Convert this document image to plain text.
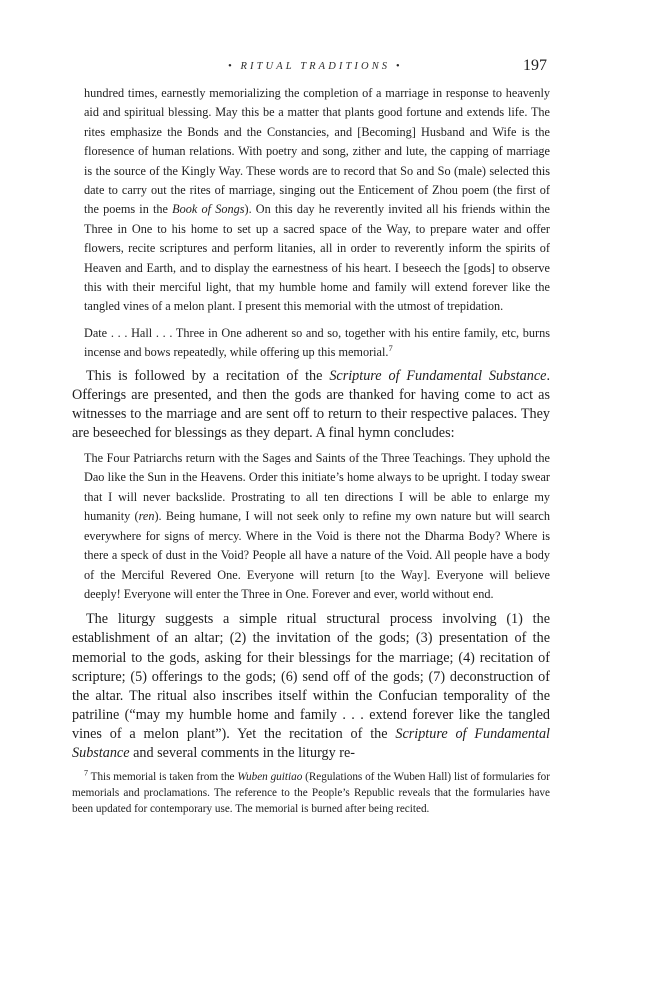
• RITUAL TRADITIONS •	197

hundred times, earnestly memorializing the completion of a marriage in response to heavenly aid and spiritual blessing. May this be a matter that plants good fortune and extends life. The rites emphasize the Bonds and the Constancies, and [Becoming] Husband and Wife is the floresence of human relations. With poetry and song, zither and lute, the capping of marriage is the source of the Kingly Way. These words are to record that So and So (male) selected this date to carry out the rites of marriage, singing out the Enticement of Zhou poem (the first of the poems in the Book of Songs). On this day he reverently invited all his friends within the Three in One to his home to set up a sacred space of the Way, to prepare water and offer flowers, recite scriptures and perform litanies, all in order to reverently inform the spirits of Heaven and Earth, and to display the earnestness of his heart. I beseech the [gods] to observe this with their merciful light, that my humble home and family will extend forever like the tangled vines of a melon plant. I present this memorial with the utmost of trepidation.

Date . . . Hall . . . Three in One adherent so and so, together with his entire family, etc, burns incense and bows repeatedly, while offering up this memorial.$^7$

This is followed by a recitation of the Scripture of Fundamental Substance. Offerings are presented, and then the gods are thanked for having come to act as witnesses to the marriage and are sent off to return to their respective palaces. They are beseeched for blessings as they depart. A final hymn concludes:

The Four Patriarchs return with the Sages and Saints of the Three Teachings. They uphold the Dao like the Sun in the Heavens. Order this initiate’s home always to be upright. I today swear that I will never backslide. Prostrating to all ten directions I will be able to enlarge my humanity (ren). Being humane, I will not seek only to refine my own nature but will search everywhere for signs of mercy. Where in the Void is there not the Dharma Body? Where is there a speck of dust in the Void? People all have a nature of the Void. All people have a body of the Merciful Revered One. Everyone will return [to the Way]. Everyone will believe deeply! Everyone will enter the Three in One. Forever and ever, world without end.

The liturgy suggests a simple ritual structural process involving (1) the establishment of an altar; (2) the invitation of the gods; (3) presentation of the memorial to the gods, asking for their blessings for the marriage; (4) recitation of scripture; (5) offerings to the gods; (6) send off of the gods; (7) deconstruction of the altar. The ritual also inscribes itself within the Confucian temporality of the patriline (“may my humble home and family . . . extend forever like the tangled vines of a melon plant”). Yet the recitation of the Scripture of Fundamental Substance and several comments in the liturgy re-

$^7$ This memorial is taken from the Wuben guitiao (Regulations of the Wuben Hall) list of formularies for memorials and proclamations. The reference to the People’s Republic reveals that the formularies have been updated for contemporary use. The memorial is burned after being recited.
